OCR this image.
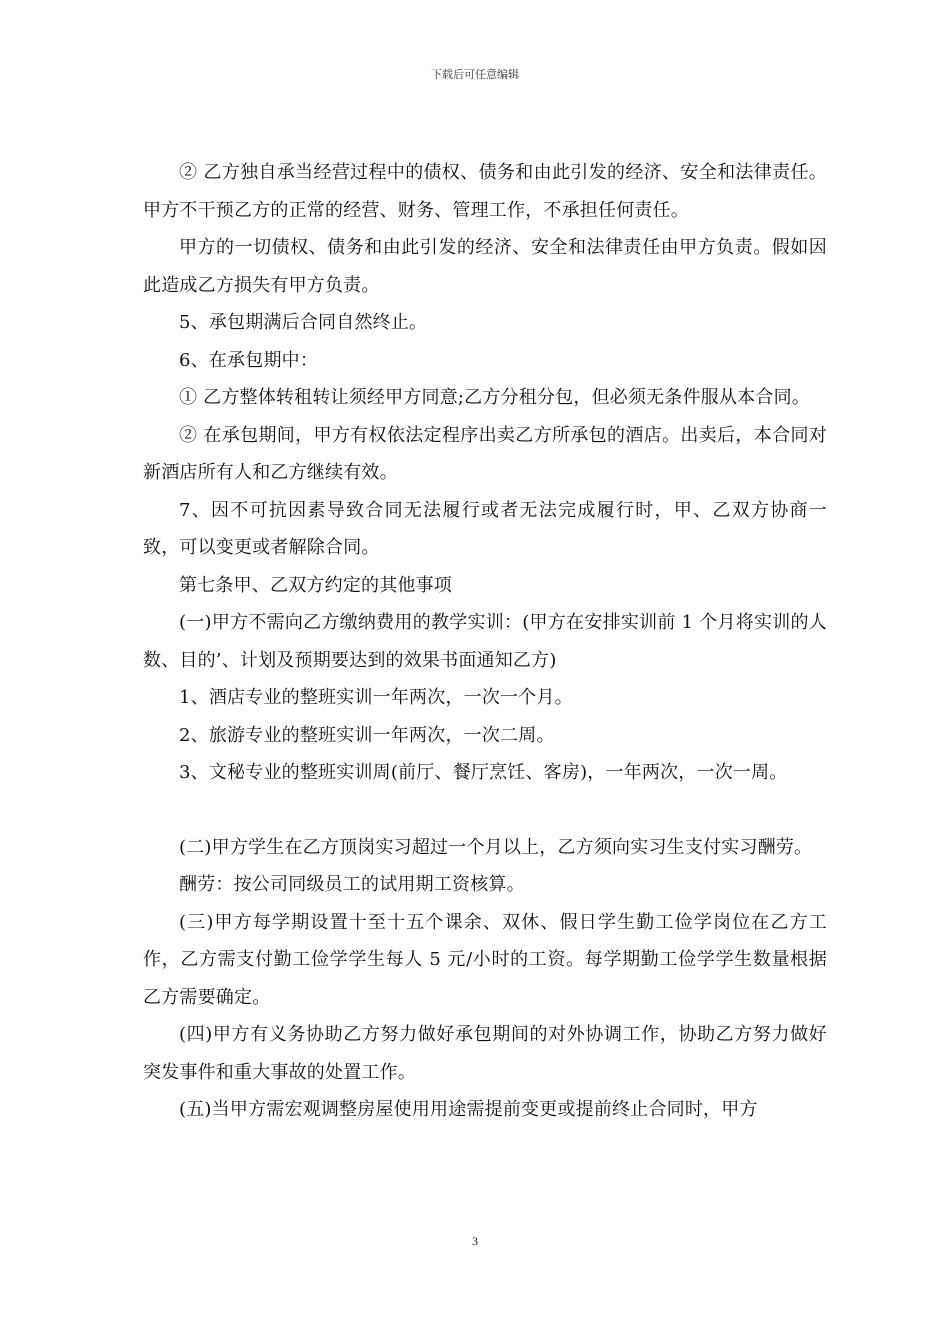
下载后可任意编辑

② 乙方独自承当经营过程中的债权、债务和由此引发的经济、安全和法律责任。甲方不干预乙方的正常的经营、财务、管理工作，不承担任何责任。

甲方的一切债权、债务和由此引发的经济、安全和法律责任由甲方负责。假如因此造成乙方损失有甲方负责。

5、承包期满后合同自然终止。

6、在承包期中：

① 乙方整体转租转让须经甲方同意;乙方分租分包，但必须无条件服从本合同。

② 在承包期间，甲方有权依法定程序出卖乙方所承包的酒店。出卖后，本合同对新酒店所有人和乙方继续有效。

7、因不可抗因素导致合同无法履行或者无法完成履行时，甲、乙双方协商一致，可以变更或者解除合同。

第七条甲、乙双方约定的其他事项

(一)甲方不需向乙方缴纳费用的教学实训：(甲方在安排实训前 1 个月将实训的人数、目的’、计划及预期要达到的效果书面通知乙方)

1、酒店专业的整班实训一年两次，一次一个月。

2、旅游专业的整班实训一年两次，一次二周。

3、文秘专业的整班实训周(前厅、餐厅烹饪、客房)，一年两次，一次一周。

(二)甲方学生在乙方顶岗实习超过一个月以上，乙方须向实习生支付实习酬劳。

酬劳：按公司同级员工的试用期工资核算。

(三)甲方每学期设置十至十五个课余、双休、假日学生勤工俭学岗位在乙方工作，乙方需支付勤工俭学学生每人 5 元/小时的工资。每学期勤工俭学学生数量根据乙方需要确定。

(四)甲方有义务协助乙方努力做好承包期间的对外协调工作，协助乙方努力做好突发事件和重大事故的处置工作。

(五)当甲方需宏观调整房屋使用用途需提前变更或提前终止合同时，甲方

3
